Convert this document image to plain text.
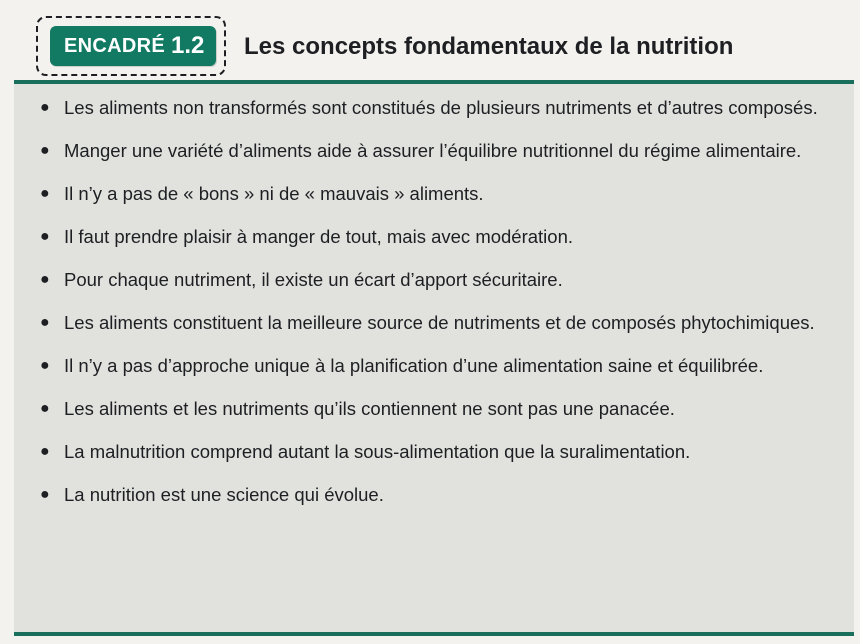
ENCADRÉ 1.2 Les concepts fondamentaux de la nutrition
● Les aliments non transformés sont constitués de plusieurs nutriments et d’autres composés.
● Manger une variété d’aliments aide à assurer l’équilibre nutritionnel du régime alimentaire.
● Il n’y a pas de « bons » ni de « mauvais » aliments.
● Il faut prendre plaisir à manger de tout, mais avec modération.
● Pour chaque nutriment, il existe un écart d’apport sécuritaire.
● Les aliments constituent la meilleure source de nutriments et de composés phytochimiques.
● Il n’y a pas d’approche unique à la planification d’une alimentation saine et équilibrée.
● Les aliments et les nutriments qu’ils contiennent ne sont pas une panacée.
● La malnutrition comprend autant la sous-alimentation que la suralimentation.
● La nutrition est une science qui évolue.
